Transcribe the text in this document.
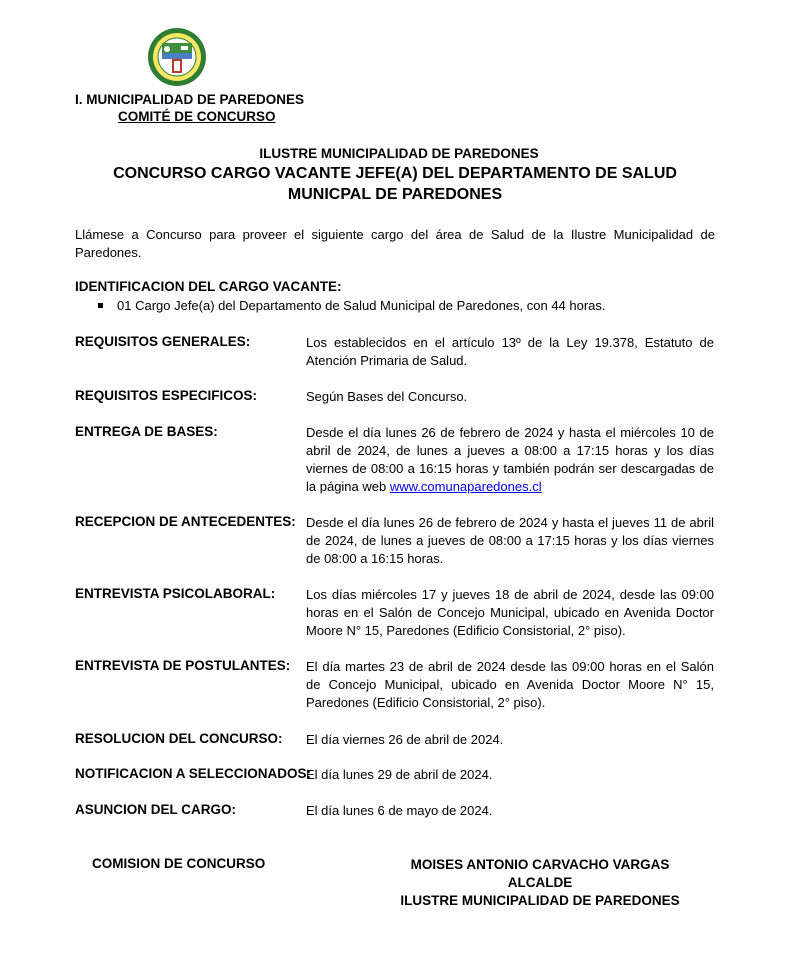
I. MUNICIPALIDAD DE PAREDONES
COMITÉ DE CONCURSO
ILUSTRE MUNICIPALIDAD DE PAREDONES
CONCURSO CARGO VACANTE JEFE(A) DEL DEPARTAMENTO DE SALUD MUNICPAL DE PAREDONES
Llámese a Concurso para proveer el siguiente cargo del área de Salud de la Ilustre Municipalidad de Paredones.
IDENTIFICACION DEL CARGO VACANTE:
01 Cargo Jefe(a) del Departamento de Salud Municipal de Paredones, con 44 horas.
REQUISITOS GENERALES:	Los establecidos en el artículo 13º de la Ley 19.378, Estatuto de Atención Primaria de Salud.
REQUISITOS ESPECIFICOS:	Según Bases del Concurso.
ENTREGA DE BASES:	Desde el día lunes 26 de febrero de 2024 y hasta el miércoles 10 de abril de 2024, de lunes a jueves a 08:00 a 17:15 horas y los días viernes de 08:00 a 16:15 horas y también podrán ser descargadas de la página web www.comunaparedones.cl
RECEPCION DE ANTECEDENTES: Desde el día lunes 26 de febrero de 2024 y hasta el jueves 11 de abril de 2024, de lunes a jueves de 08:00 a 17:15 horas y los días viernes de 08:00 a 16:15 horas.
ENTREVISTA PSICOLABORAL: Los días miércoles 17 y jueves 18 de abril de 2024, desde las 09:00 horas en el Salón de Concejo Municipal, ubicado en Avenida Doctor Moore N° 15, Paredones (Edificio Consistorial, 2° piso).
ENTREVISTA DE POSTULANTES: El día martes 23 de abril de 2024 desde las 09:00 horas en el Salón de Concejo Municipal, ubicado en Avenida Doctor Moore N° 15, Paredones (Edificio Consistorial, 2° piso).
RESOLUCION DEL CONCURSO: El día viernes 26 de abril de 2024.
NOTIFICACION A SELECCIONADOS:
El día lunes 29 de abril de 2024.
ASUNCION DEL CARGO:	El día lunes 6 de mayo de 2024.
COMISION DE CONCURSO	MOISES ANTONIO CARVACHO VARGAS
ALCALDE
ILUSTRE MUNICIPALIDAD DE PAREDONES
